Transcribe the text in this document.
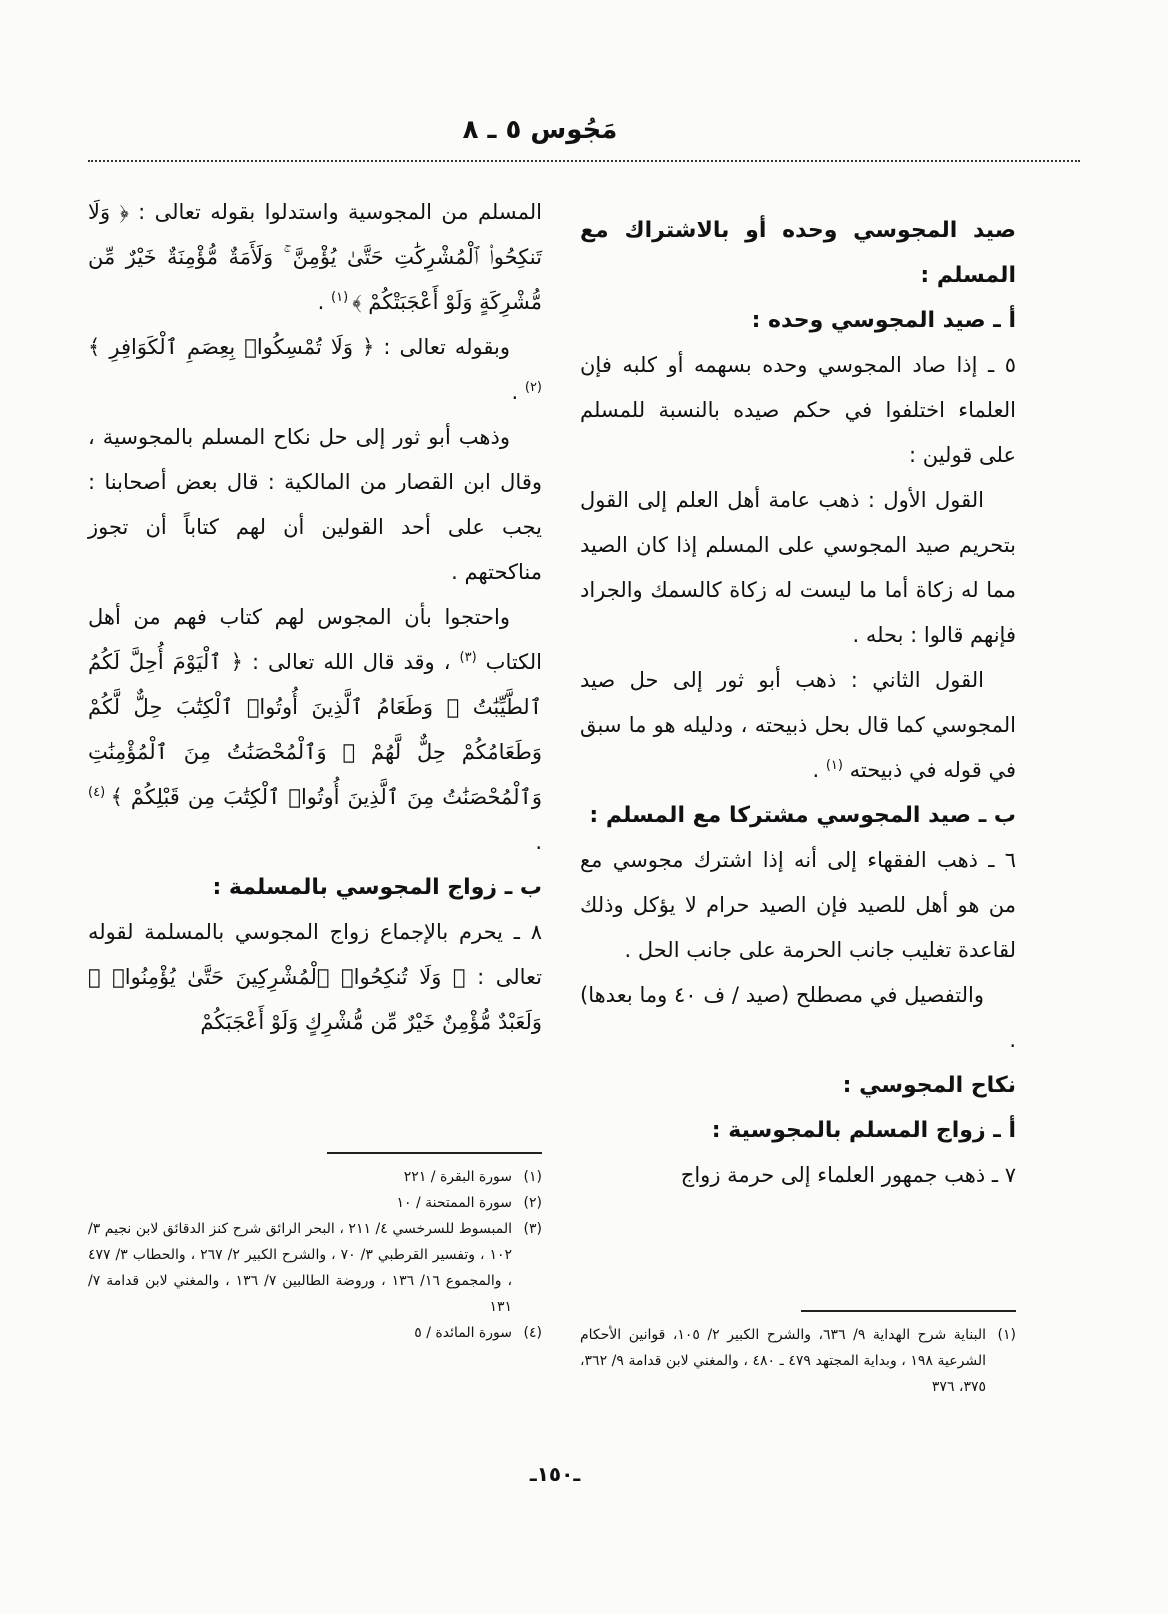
مَجُوس ٥ ـ ٨

صيد المجوسي وحده أو بالاشتراك مع المسلم :

أ ـ صيد المجوسي وحده :

٥ ـ إذا صاد المجوسي وحده بسهمه أو كلبه فإن العلماء اختلفوا في حكم صيده بالنسبة للمسلم على قولين :

القول الأول : ذهب عامة أهل العلم إلى القول بتحريم صيد المجوسي على المسلم إذا كان الصيد مما له زكاة أما ما ليست له زكاة كالسمك والجراد فإنهم قالوا : بحله .

القول الثاني : ذهب أبو ثور إلى حل صيد المجوسي كما قال بحل ذبيحته ، ودليله هو ما سبق في قوله في ذبيحته $^{(١)}$ .

ب ـ صيد المجوسي مشتركا مع المسلم :

٦ ـ ذهب الفقهاء إلى أنه إذا اشترك مجوسي مع من هو أهل للصيد فإن الصيد حرام لا يؤكل وذلك لقاعدة تغليب جانب الحرمة على جانب الحل .

والتفصيل في مصطلح (صيد / ف ٤٠ وما بعدها) .

نكاح المجوسي :

أ ـ زواج المسلم بالمجوسية :

٧ ـ ذهب جمهور العلماء إلى حرمة زواج

(١)
البناية شرح الهداية ٩/ ٦٣٦، والشرح الكبير ٢/ ١٠٥، قوانين الأحكام الشرعية ١٩٨ ، وبداية المجتهد ٤٧٩ ـ ٤٨٠ ، والمغني لابن قدامة ٩/ ٣٦٢، ٣٧٥، ٣٧٦

المسلم من المجوسية واستدلوا بقوله تعالى : ﴿ وَلَا تَنكِحُوا۟ ٱلْمُشْرِكَٰتِ حَتَّىٰ يُؤْمِنَّ ۚ وَلَأَمَةٌ مُّؤْمِنَةٌ خَيْرٌ مِّن مُّشْرِكَةٍ وَلَوْ أَعْجَبَتْكُمْ ﴾ $^{(١)}$ .

وبقوله تعالى : ﴿ وَلَا تُمْسِكُوا۟ بِعِصَمِ ٱلْكَوَافِرِ ﴾ $^{(٢)}$ .

وذهب أبو ثور إلى حل نكاح المسلم بالمجوسية ، وقال ابن القصار من المالكية : قال بعض أصحابنا : يجب على أحد القولين أن لهم كتاباً أن تجوز مناكحتهم .

واحتجوا بأن المجوس لهم كتاب فهم من أهل الكتاب $^{(٣)}$ ، وقد قال الله تعالى : ﴿ ٱلْيَوْمَ أُحِلَّ لَكُمُ ٱلطَّيِّبَٰتُ ۖ وَطَعَامُ ٱلَّذِينَ أُوتُوا۟ ٱلْكِتَٰبَ حِلٌّ لَّكُمْ وَطَعَامُكُمْ حِلٌّ لَّهُمْ ۖ وَٱلْمُحْصَنَٰتُ مِنَ ٱلْمُؤْمِنَٰتِ وَٱلْمُحْصَنَٰتُ مِنَ ٱلَّذِينَ أُوتُوا۟ ٱلْكِتَٰبَ مِن قَبْلِكُمْ ﴾ $^{(٤)}$ .

ب ـ زواج المجوسي بالمسلمة :

٨ ـ يحرم بالإجماع زواج المجوسي بالمسلمة لقوله تعالى : ﴿ وَلَا تُنكِحُوا۟ ٱلْمُشْرِكِينَ حَتَّىٰ يُؤْمِنُوا۟ ۚ وَلَعَبْدٌ مُّؤْمِنٌ خَيْرٌ مِّن مُّشْرِكٍ وَلَوْ أَعْجَبَكُمْ

(١)
سورة البقرة / ٢٢١
(٢)
سورة الممتحنة / ١٠
(٣)
المبسوط للسرخسي ٤/ ٢١١ ، البحر الرائق شرح كنز الدقائق لابن نجيم ٣/ ١٠٢ ، وتفسير القرطبي ٣/ ٧٠ ، والشرح الكبير ٢/ ٢٦٧ ، والحطاب ٣/ ٤٧٧ ، والمجموع ١٦/ ١٣٦ ، وروضة الطالبين ٧/ ١٣٦ ، والمغني لابن قدامة ٧/ ١٣١
(٤)
سورة المائدة / ٥
ـ١٥٠ـ
